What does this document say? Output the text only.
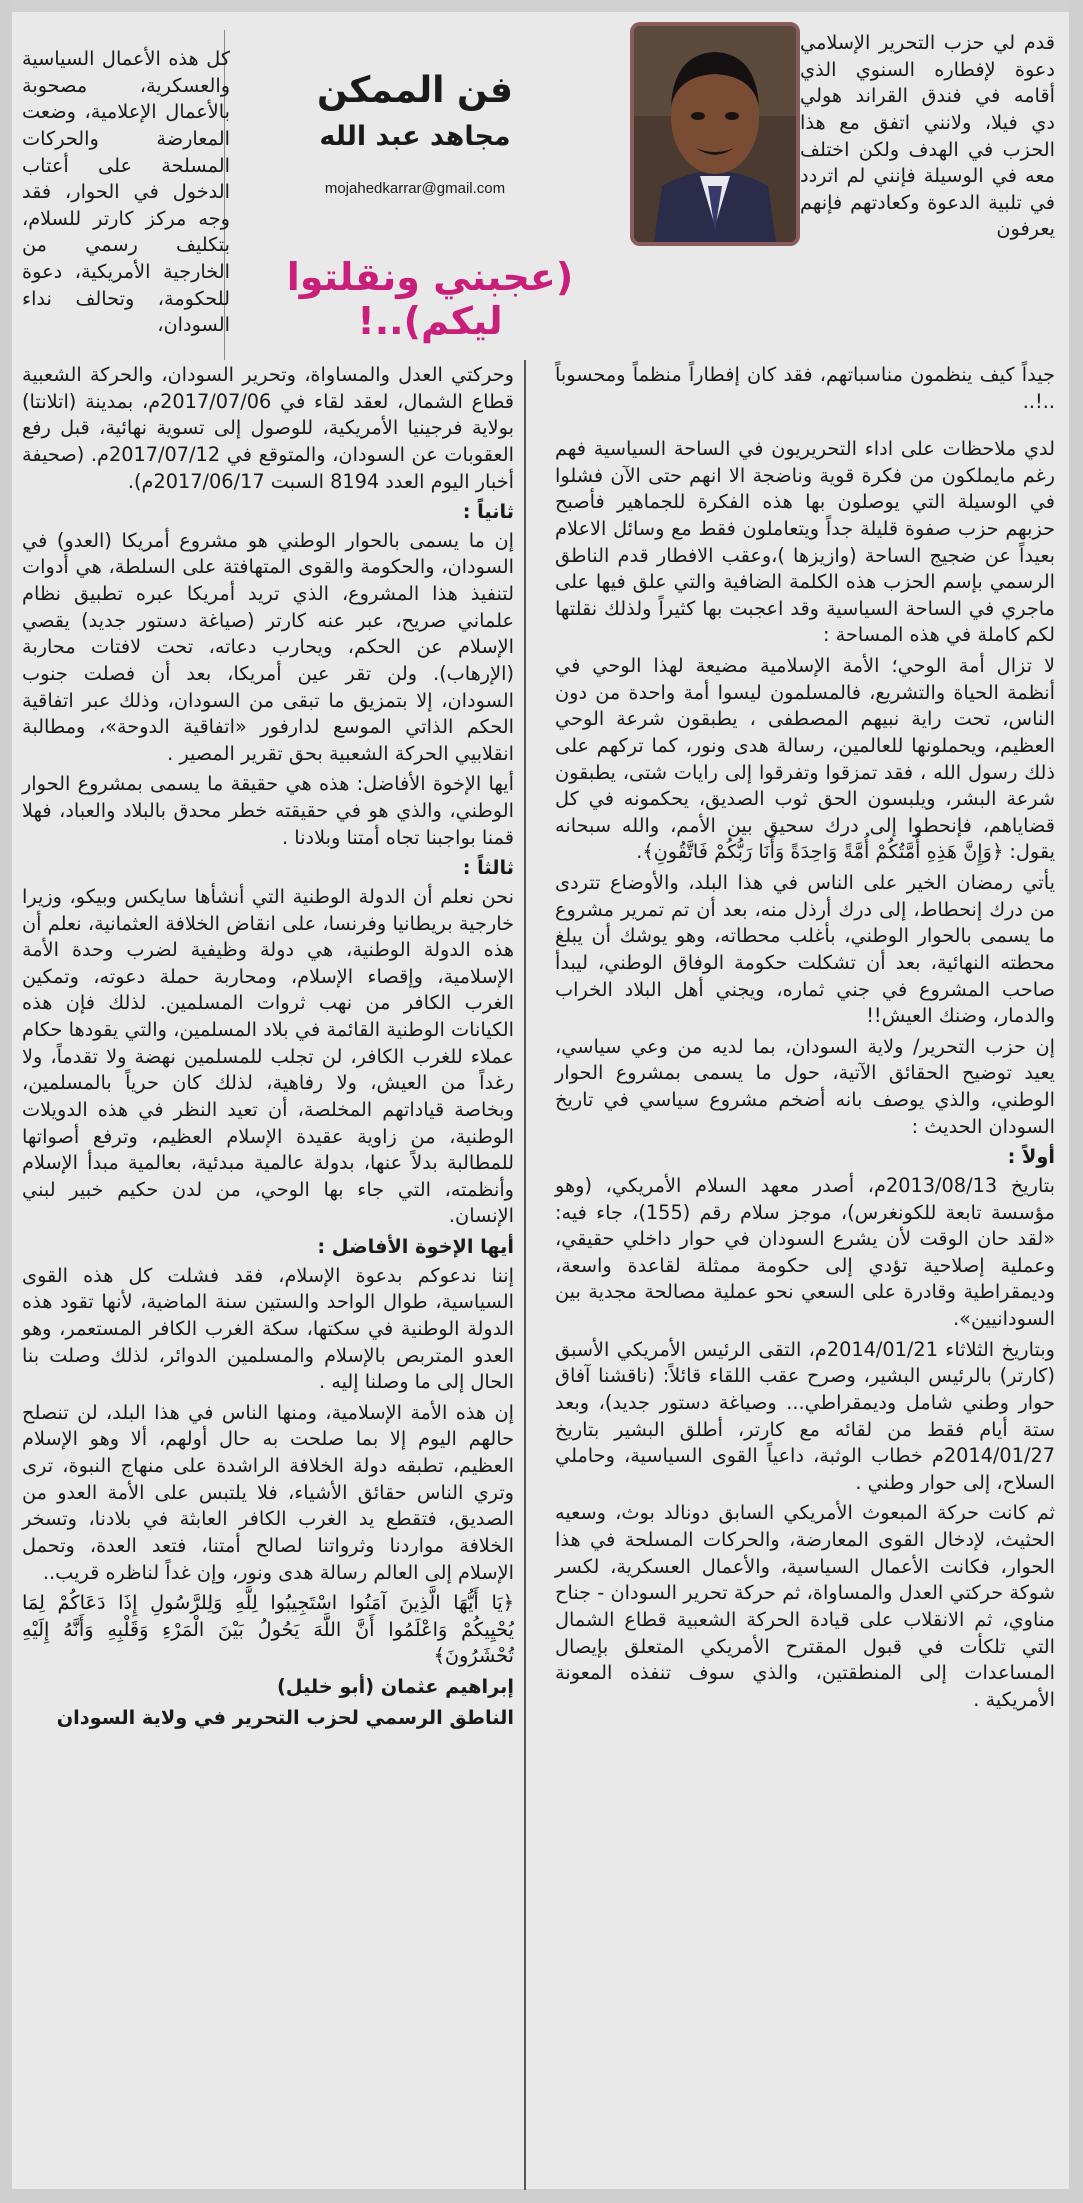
كل هذه الأعمال السياسية والعسكرية، مصحوبة بالأعمال الإعلامية، وضعت المعارضة والحركات المسلحة على أعتاب الدخول في الحوار، فقد وجه مركز كارتر للسلام، بتكليف رسمي من الخارجية الأمريكية، دعوة للحكومة، وتحالف نداء السودان،

فن الممكن
مجاهد عبد الله
mojahedkarrar@gmail.com
(عجبني ونقلتوا ليكم)..!

قدم لي حزب التحرير الإسلامي دعوة لإفطاره السنوي الذي أقامه في فندق القراند هولي دي فيلا، ولانني اتفق مع هذا الحزب في الهدف ولكن اختلف معه في الوسيلة فإنني لم اتردد في تلبية الدعوة وكعادتهم فإنهم يعرفون

جيداً كيف ينظمون مناسباتهم، فقد كان إفطاراً منظماً ومحسوباً ..!..

لدي ملاحظات على اداء التحريريون في الساحة السياسية فهم رغم مايملكون من فكرة قوية وناضجة الا انهم حتى الآن فشلوا في الوسيلة التي يوصلون بها هذه الفكرة للجماهير فأصبح حزبهم حزب صفوة قليلة جداً ويتعاملون فقط مع وسائل الاعلام بعيداً عن ضجيج الساحة (وازيزها )،وعقب الافطار قدم الناطق الرسمي بإسم الحزب هذه الكلمة الضافية والتي علق فيها على ماجري في الساحة السياسية وقد اعجبت بها كثيراً ولذلك نقلتها لكم كاملة في هذه المساحة :

لا تزال أمة الوحي؛ الأمة الإسلامية مضيعة لهذا الوحي في أنظمة الحياة والتشريع، فالمسلمون ليسوا أمة واحدة من دون الناس، تحت راية نبيهم المصطفى ، يطبقون شرعة الوحي العظيم، ويحملونها للعالمين، رسالة هدى ونور، كما تركهم على ذلك رسول الله ، فقد تمزقوا وتفرقوا إلى رايات شتى، يطبقون شرعة البشر، ويلبسون الحق ثوب الصديق، يحكمونه في كل قضاياهم، فإنحطوا إلى درك سحيق بين الأمم، والله سبحانه يقول: ﴿وَإِنَّ هَذِهِ أُمَّتُكُمْ أُمَّةً وَاحِدَةً وَأَنَا رَبُّكُمْ فَاتَّقُونِ﴾.

يأتي رمضان الخير على الناس في هذا البلد، والأوضاع تتردى من درك إنحطاط، إلى درك أرذل منه، بعد أن تم تمرير مشروع ما يسمى بالحوار الوطني، بأغلب محطاته، وهو يوشك أن يبلغ محطته النهائية، بعد أن تشكلت حكومة الوفاق الوطني، ليبدأ صاحب المشروع في جني ثماره، ويجني أهل البلاد الخراب والدمار، وضنك العيش!!

إن حزب التحرير/ ولاية السودان، بما لديه من وعي سياسي، يعيد توضيح الحقائق الآتية، حول ما يسمى بمشروع الحوار الوطني، والذي يوصف بانه أضخم مشروع سياسي في تاريخ السودان الحديث :

أولاً :

بتاريخ 2013/08/13م، أصدر معهد السلام الأمريكي، (وهو مؤسسة تابعة للكونغرس)، موجز سلام رقم (155)، جاء فيه: «لقد حان الوقت لأن يشرع السودان في حوار داخلي حقيقي، وعملية إصلاحية تؤدي إلى حكومة ممثلة لقاعدة واسعة، وديمقراطية وقادرة على السعي نحو عملية مصالحة مجدية بين السودانيين».

وبتاريخ الثلاثاء 2014/01/21م، التقى الرئيس الأمريكي الأسبق (كارتر) بالرئيس البشير، وصرح عقب اللقاء قائلاً: (ناقشنا آفاق حوار وطني شامل وديمقراطي... وصياغة دستور جديد)، وبعد ستة أيام فقط من لقائه مع كارتر، أطلق البشير بتاريخ 2014/01/27م خطاب الوثبة، داعياً القوى السياسية، وحاملي السلاح، إلى حوار وطني .

ثم كانت حركة المبعوث الأمريكي السابق دونالد بوث، وسعيه الحثيث، لإدخال القوى المعارضة، والحركات المسلحة في هذا الحوار، فكانت الأعمال السياسية، والأعمال العسكرية، لكسر شوكة حركتي العدل والمساواة، ثم حركة تحرير السودان - جناح مناوي، ثم الانقلاب على قيادة الحركة الشعبية قطاع الشمال التي تلكأت في قبول المقترح الأمريكي المتعلق بإيصال المساعدات إلى المنطقتين، والذي سوف تنفذه المعونة الأمريكية .

وحركتي العدل والمساواة، وتحرير السودان، والحركة الشعبية قطاع الشمال، لعقد لقاء في 2017/07/06م، بمدينة (اتلانتا) بولاية فرجينيا الأمريكية، للوصول إلى تسوية نهائية، قبل رفع العقوبات عن السودان، والمتوقع في 2017/07/12م. (صحيفة أخبار اليوم العدد 8194 السبت 2017/06/17م).

ثانياً :

إن ما يسمى بالحوار الوطني هو مشروع أمريكا (العدو) في السودان، والحكومة والقوى المتهافتة على السلطة، هي أدوات لتنفيذ هذا المشروع، الذي تريد أمريكا عبره تطبيق نظام علماني صريح، عبر عنه كارتر (صياغة دستور جديد) يقصي الإسلام عن الحكم، ويحارب دعاته، تحت لافتات محاربة (الإرهاب). ولن تقر عين أمريكا، بعد أن فصلت جنوب السودان، إلا بتمزيق ما تبقى من السودان، وذلك عبر اتفاقية الحكم الذاتي الموسع لدارفور «اتفاقية الدوحة»، ومطالبة انقلابيي الحركة الشعبية بحق تقرير المصير .

أيها الإخوة الأفاضل: هذه هي حقيقة ما يسمى بمشروع الحوار الوطني، والذي هو في حقيقته خطر محدق بالبلاد والعباد، فهلا قمنا بواجبنا تجاه أمتنا وبلادنا .

ثالثاً :

نحن نعلم أن الدولة الوطنية التي أنشأها سايكس وبيكو، وزيرا خارجية بريطانيا وفرنسا، على انقاض الخلافة العثمانية، نعلم أن هذه الدولة الوطنية، هي دولة وظيفية لضرب وحدة الأمة الإسلامية، وإقصاء الإسلام، ومحاربة حملة دعوته، وتمكين الغرب الكافر من نهب ثروات المسلمين. لذلك فإن هذه الكيانات الوطنية القائمة في بلاد المسلمين، والتي يقودها حكام عملاء للغرب الكافر، لن تجلب للمسلمين نهضة ولا تقدماً، ولا رغداً من العيش، ولا رفاهية، لذلك كان حرياً بالمسلمين، وبخاصة قياداتهم المخلصة، أن تعيد النظر في هذه الدويلات الوطنية، من زاوية عقيدة الإسلام العظيم، وترفع أصواتها للمطالبة بدلاً عنها، بدولة عالمية مبدئية، بعالمية مبدأ الإسلام وأنظمته، التي جاء بها الوحي، من لدن حكيم خبير لبني الإنسان.

أيها الإخوة الأفاضل :

إننا ندعوكم بدعوة الإسلام، فقد فشلت كل هذه القوى السياسية، طوال الواحد والستين سنة الماضية، لأنها تقود هذه الدولة الوطنية في سكتها، سكة الغرب الكافر المستعمر، وهو العدو المتربص بالإسلام والمسلمين الدوائر، لذلك وصلت بنا الحال إلى ما وصلنا إليه .

إن هذه الأمة الإسلامية، ومنها الناس في هذا البلد، لن تنصلح حالهم اليوم إلا بما صلحت به حال أولهم، ألا وهو الإسلام العظيم، تطبقه دولة الخلافة الراشدة على منهاج النبوة، ترى وتري الناس حقائق الأشياء، فلا يلتبس على الأمة العدو من الصديق، فتقطع يد الغرب الكافر العابثة في بلادنا، وتسخر الخلافة مواردنا وثرواتنا لصالح أمتنا، فتعد العدة، وتحمل الإسلام إلى العالم رسالة هدى ونور، وإن غداً لناظره قريب..

﴿يَا أَيُّهَا الَّذِينَ آمَنُوا اسْتَجِيبُوا لِلَّهِ وَلِلرَّسُولِ إِذَا دَعَاكُمْ لِمَا يُحْيِيكُمْ وَاعْلَمُوا أَنَّ اللَّهَ يَحُولُ بَيْنَ الْمَرْءِ وَقَلْبِهِ وَأَنَّهُ إِلَيْهِ تُحْشَرُونَ﴾

إبراهيم عثمان (أبو خليل)

الناطق الرسمي لحزب التحرير في ولاية السودان
